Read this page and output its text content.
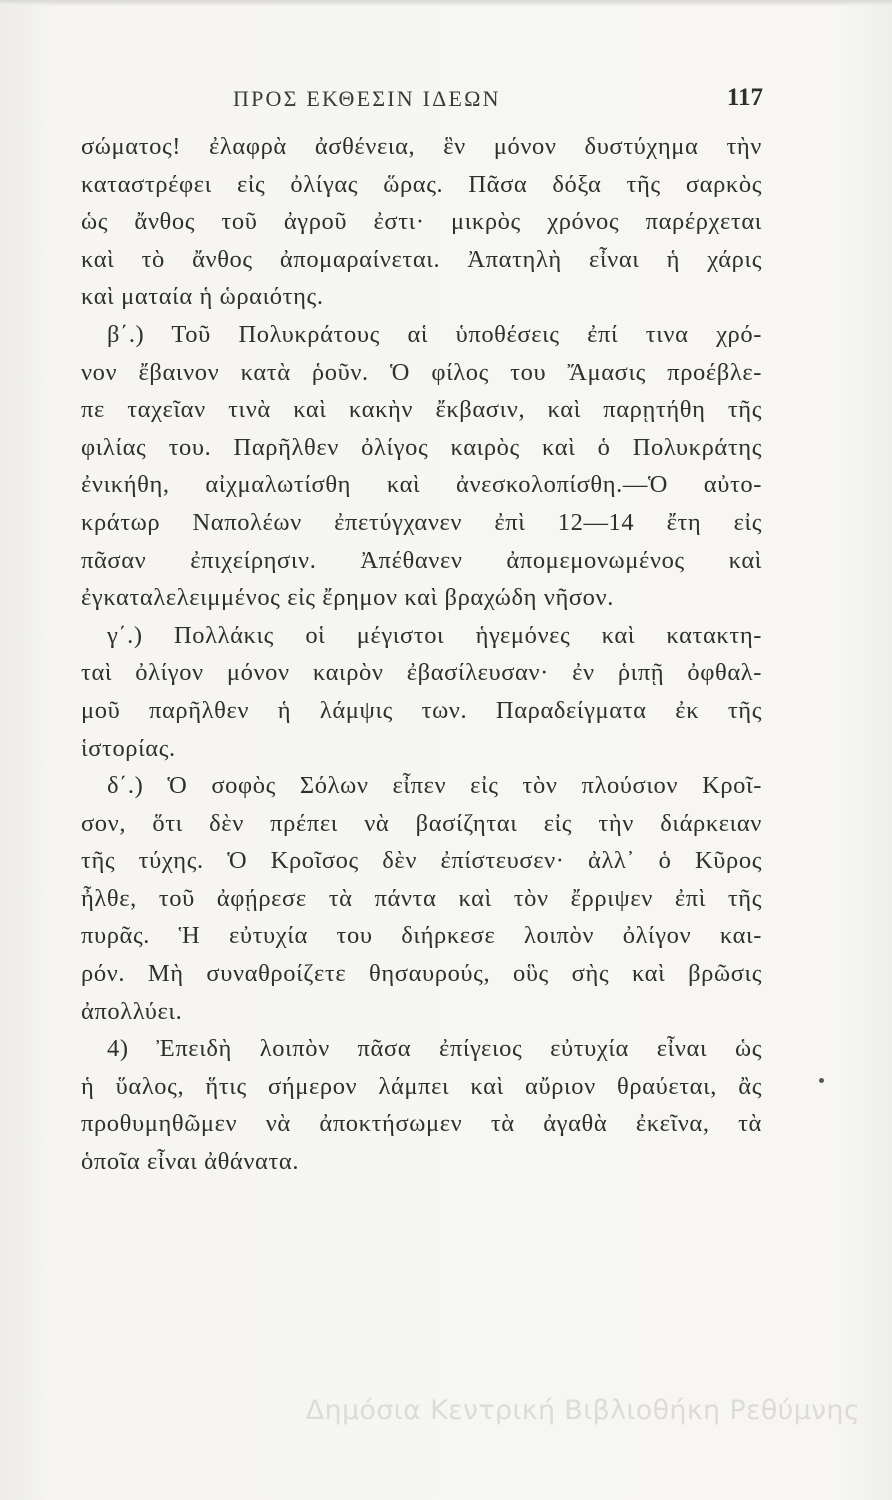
ΠΡΟΣ ΕΚΘΕΣΙΝ ΙΔΕΩΝ	117
σώματος! ἐλαφρὰ ἀσθένεια, ἓν μόνον δυστύχημα τὴν
καταστρέφει εἰς ὀλίγας ὥρας. Πᾶσα δόξα τῆς σαρκὸς
ὡς ἄνθος τοῦ ἀγροῦ ἐστι· μικρὸς χρόνος παρέρχεται
καὶ τὸ ἄνθος ἀπομαραίνεται. Ἀπατηλὴ εἶναι ἡ χάρις
καὶ ματαία ἡ ὡραιότης.
β΄.) Τοῦ Πολυκράτους αἱ ὑποθέσεις ἐπί τινα χρό-
νον ἔβαινον κατὰ ῥοῦν. Ὁ φίλος του Ἄμασις προέβλε-
πε ταχεῖαν τινὰ καὶ κακὴν ἔκβασιν, καὶ παρῃτήθη τῆς
φιλίας του. Παρῆλθεν ὀλίγος καιρὸς καὶ ὁ Πολυκράτης
ἐνικήθη, αἰχμαλωτίσθη καὶ ἀνεσκολοπίσθη.—Ὁ αὐτο-
κράτωρ Ναπολέων ἐπετύγχανεν ἐπὶ 12—14 ἔτη εἰς
πᾶσαν ἐπιχείρησιν. Ἀπέθανεν ἀπομεμονωμένος καὶ
ἐγκαταλελειμμένος εἰς ἔρημον καὶ βραχώδη νῆσον.
γ΄.) Πολλάκις οἱ μέγιστοι ἡγεμόνες καὶ κατακτη-
ταὶ ὀλίγον μόνον καιρὸν ἐβασίλευσαν· ἐν ῥιπῇ ὀφθαλ-
μοῦ παρῆλθεν ἡ λάμψις των. Παραδείγματα ἐκ τῆς
ἱστορίας.
δ΄.) Ὁ σοφὸς Σόλων εἶπεν εἰς τὸν πλούσιον Κροῖ-
σον, ὅτι δὲν πρέπει νὰ βασίζηται εἰς τὴν διάρκειαν
τῆς τύχης. Ὁ Κροῖσος δὲν ἐπίστευσεν· ἀλλ᾽ ὁ Κῦρος
ἦλθε, τοῦ ἀφῄρεσε τὰ πάντα καὶ τὸν ἔρριψεν ἐπὶ τῆς
πυρᾶς. Ἡ εὐτυχία του διήρκεσε λοιπὸν ὀλίγον και-
ρόν. Μὴ συναθροίζετε θησαυρούς, οὓς σὴς καὶ βρῶσις
ἀπολλύει.
4) Ἐπειδὴ λοιπὸν πᾶσα ἐπίγειος εὐτυχία εἶναι ὡς
ἡ ὕαλος, ἥτις σήμερον λάμπει καὶ αὔριον θραύεται, ἂς
προθυμηθῶμεν νὰ ἀποκτήσωμεν τὰ ἀγαθὰ ἐκεῖνα, τὰ
ὁποῖα εἶναι ἀθάνατα.
Δημόσια Κεντρική Βιβλιοθήκη Ρεθύμνης
